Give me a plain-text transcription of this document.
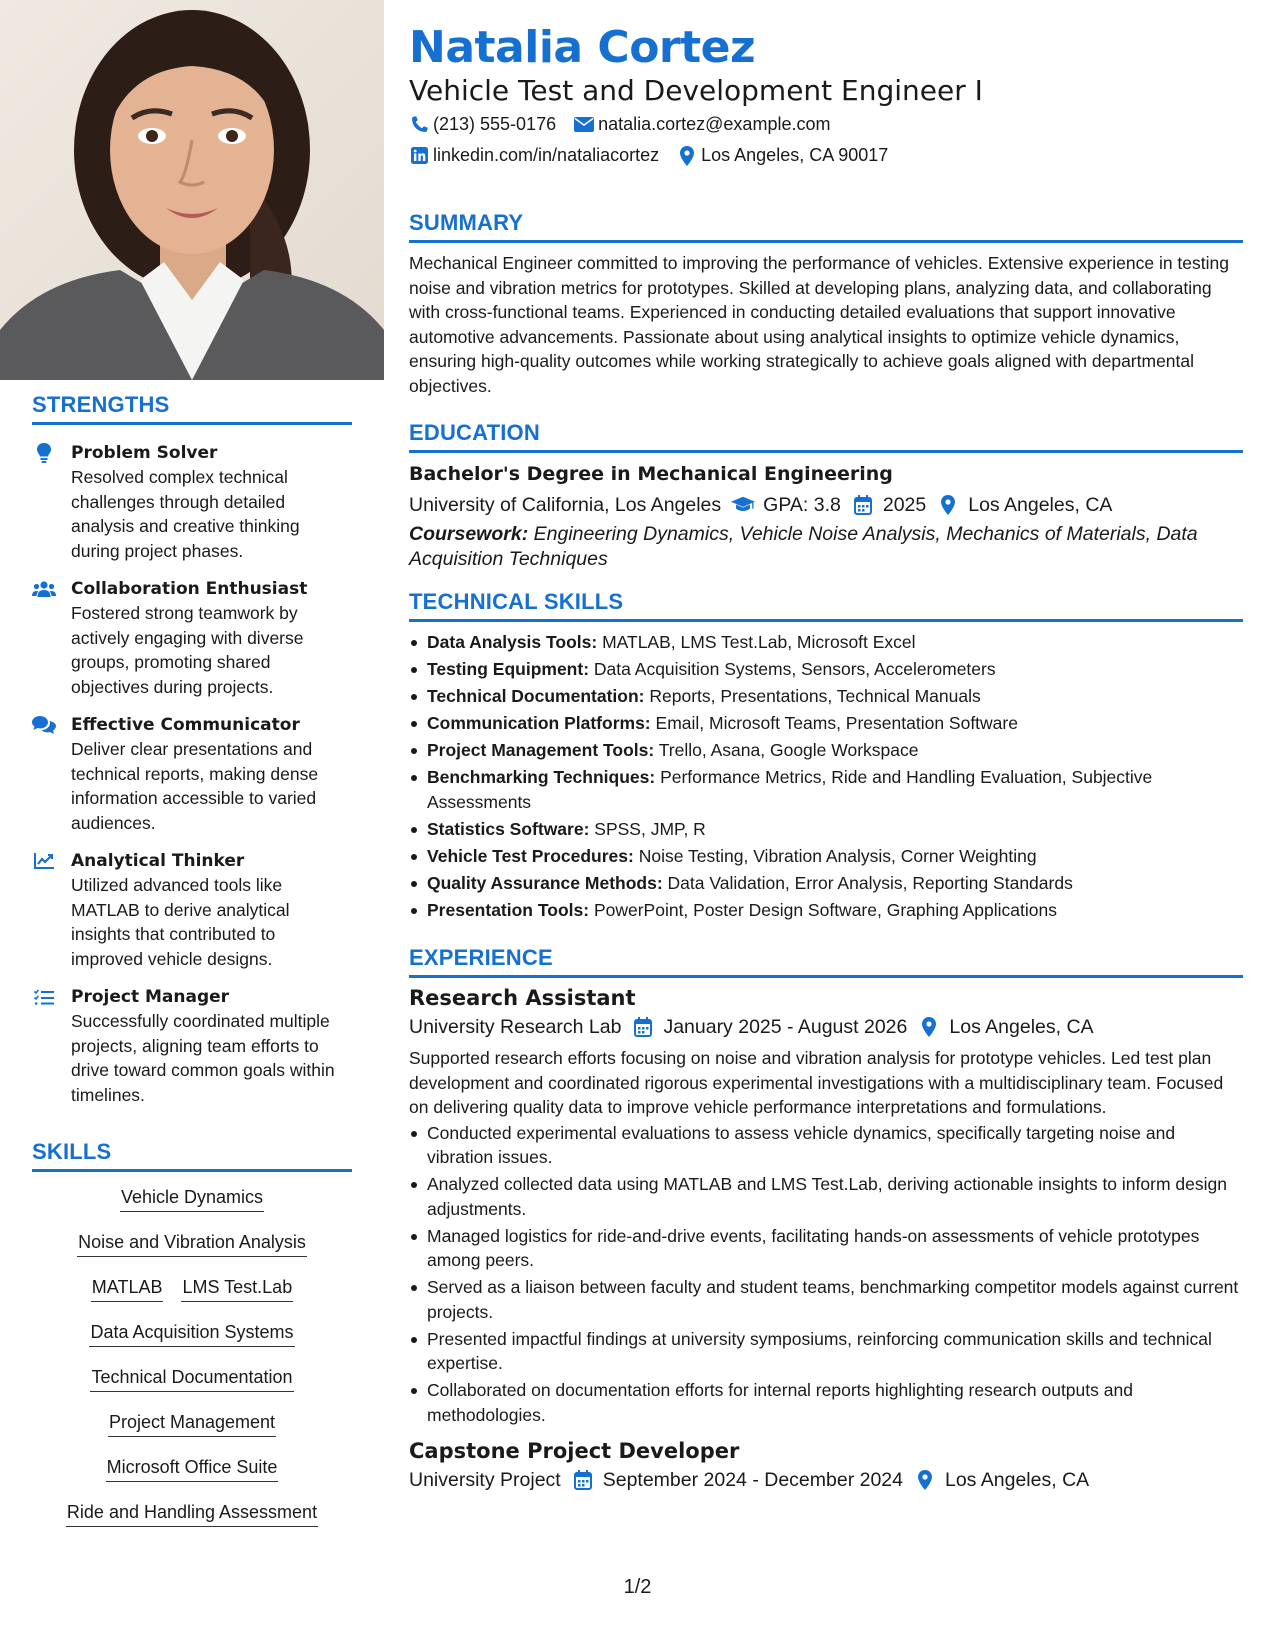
STRENGTHS
Problem Solver
Resolved complex technical challenges through detailed analysis and creative thinking during project phases.
Collaboration Enthusiast
Fostered strong teamwork by actively engaging with diverse groups, promoting shared objectives during projects.
Effective Communicator
Deliver clear presentations and technical reports, making dense information accessible to varied audiences.
Analytical Thinker
Utilized advanced tools like MATLAB to derive analytical insights that contributed to improved vehicle designs.
Project Manager
Successfully coordinated multiple projects, aligning team efforts to drive toward common goals within timelines.
SKILLS
Vehicle Dynamics
Noise and Vibration Analysis
MATLAB LMS Test.Lab
Data Acquisition Systems
Technical Documentation
Project Management
Microsoft Office Suite
Ride and Handling Assessment
Natalia Cortez
Vehicle Test and Development Engineer I
(213) 555-0176 natalia.cortez@example.com
linkedin.com/in/nataliacortez Los Angeles, CA 90017
SUMMARY
Mechanical Engineer committed to improving the performance of vehicles. Extensive experience in testing noise and vibration metrics for prototypes. Skilled at developing plans, analyzing data, and collaborating with cross-functional teams. Experienced in conducting detailed evaluations that support innovative automotive advancements. Passionate about using analytical insights to optimize vehicle dynamics, ensuring high-quality outcomes while working strategically to achieve goals aligned with departmental objectives.
EDUCATION
Bachelor's Degree in Mechanical Engineering
University of California, Los Angeles GPA: 3.8 2025 Los Angeles, CA
Coursework: Engineering Dynamics, Vehicle Noise Analysis, Mechanics of Materials, Data Acquisition Techniques
TECHNICAL SKILLS
Data Analysis Tools: MATLAB, LMS Test.Lab, Microsoft Excel
Testing Equipment: Data Acquisition Systems, Sensors, Accelerometers
Technical Documentation: Reports, Presentations, Technical Manuals
Communication Platforms: Email, Microsoft Teams, Presentation Software
Project Management Tools: Trello, Asana, Google Workspace
Benchmarking Techniques: Performance Metrics, Ride and Handling Evaluation, Subjective Assessments
Statistics Software: SPSS, JMP, R
Vehicle Test Procedures: Noise Testing, Vibration Analysis, Corner Weighting
Quality Assurance Methods: Data Validation, Error Analysis, Reporting Standards
Presentation Tools: PowerPoint, Poster Design Software, Graphing Applications
EXPERIENCE
Research Assistant
University Research Lab January 2025 - August 2026 Los Angeles, CA
Supported research efforts focusing on noise and vibration analysis for prototype vehicles. Led test plan development and coordinated rigorous experimental investigations with a multidisciplinary team. Focused on delivering quality data to improve vehicle performance interpretations and formulations.
Conducted experimental evaluations to assess vehicle dynamics, specifically targeting noise and vibration issues.
Analyzed collected data using MATLAB and LMS Test.Lab, deriving actionable insights to inform design adjustments.
Managed logistics for ride-and-drive events, facilitating hands-on assessments of vehicle prototypes among peers.
Served as a liaison between faculty and student teams, benchmarking competitor models against current projects.
Presented impactful findings at university symposiums, reinforcing communication skills and technical expertise.
Collaborated on documentation efforts for internal reports highlighting research outputs and methodologies.
Capstone Project Developer
University Project September 2024 - December 2024 Los Angeles, CA
1/2
